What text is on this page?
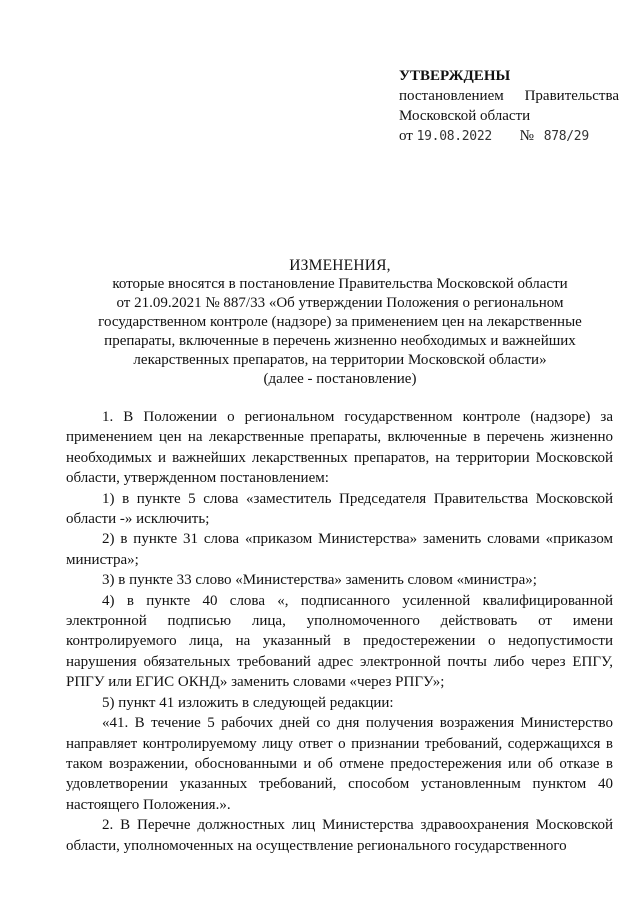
УТВЕРЖДЕНЫ
постановлением Правительства
Московской области
от 19.08.2022 № 878/29
ИЗМЕНЕНИЯ,
которые вносятся в постановление Правительства Московской области
от 21.09.2021 № 887/33 «Об утверждении Положения о региональном
государственном контроле (надзоре) за применением цен на лекарственные
препараты, включенные в перечень жизненно необходимых и важнейших
лекарственных препаратов, на территории Московской области»
(далее - постановление)

1. В Положении о региональном государственном контроле (надзоре) за применением цен на лекарственные препараты, включенные в перечень жизненно необходимых и важнейших лекарственных препаратов, на территории Московской области, утвержденном постановлением:

1) в пункте 5 слова «заместитель Председателя Правительства Московской области -» исключить;

2) в пункте 31 слова «приказом Министерства» заменить словами «приказом министра»;

3) в пункте 33 слово «Министерства» заменить словом «министра»;

4) в пункте 40 слова «, подписанного усиленной квалифицированной электронной подписью лица, уполномоченного действовать от имени контролируемого лица, на указанный в предостережении о недопустимости нарушения обязательных требований адрес электронной почты либо через ЕПГУ, РПГУ или ЕГИС ОКНД» заменить словами «через РПГУ»;

5) пункт 41 изложить в следующей редакции:

«41. В течение 5 рабочих дней со дня получения возражения Министерство направляет контролируемому лицу ответ о признании требований, содержащихся в таком возражении, обоснованными и об отмене предостережения или об отказе в удовлетворении указанных требований, способом установленным пунктом 40 настоящего Положения.».

2. В Перечне должностных лиц Министерства здравоохранения Московской области, уполномоченных на осуществление регионального государственного
